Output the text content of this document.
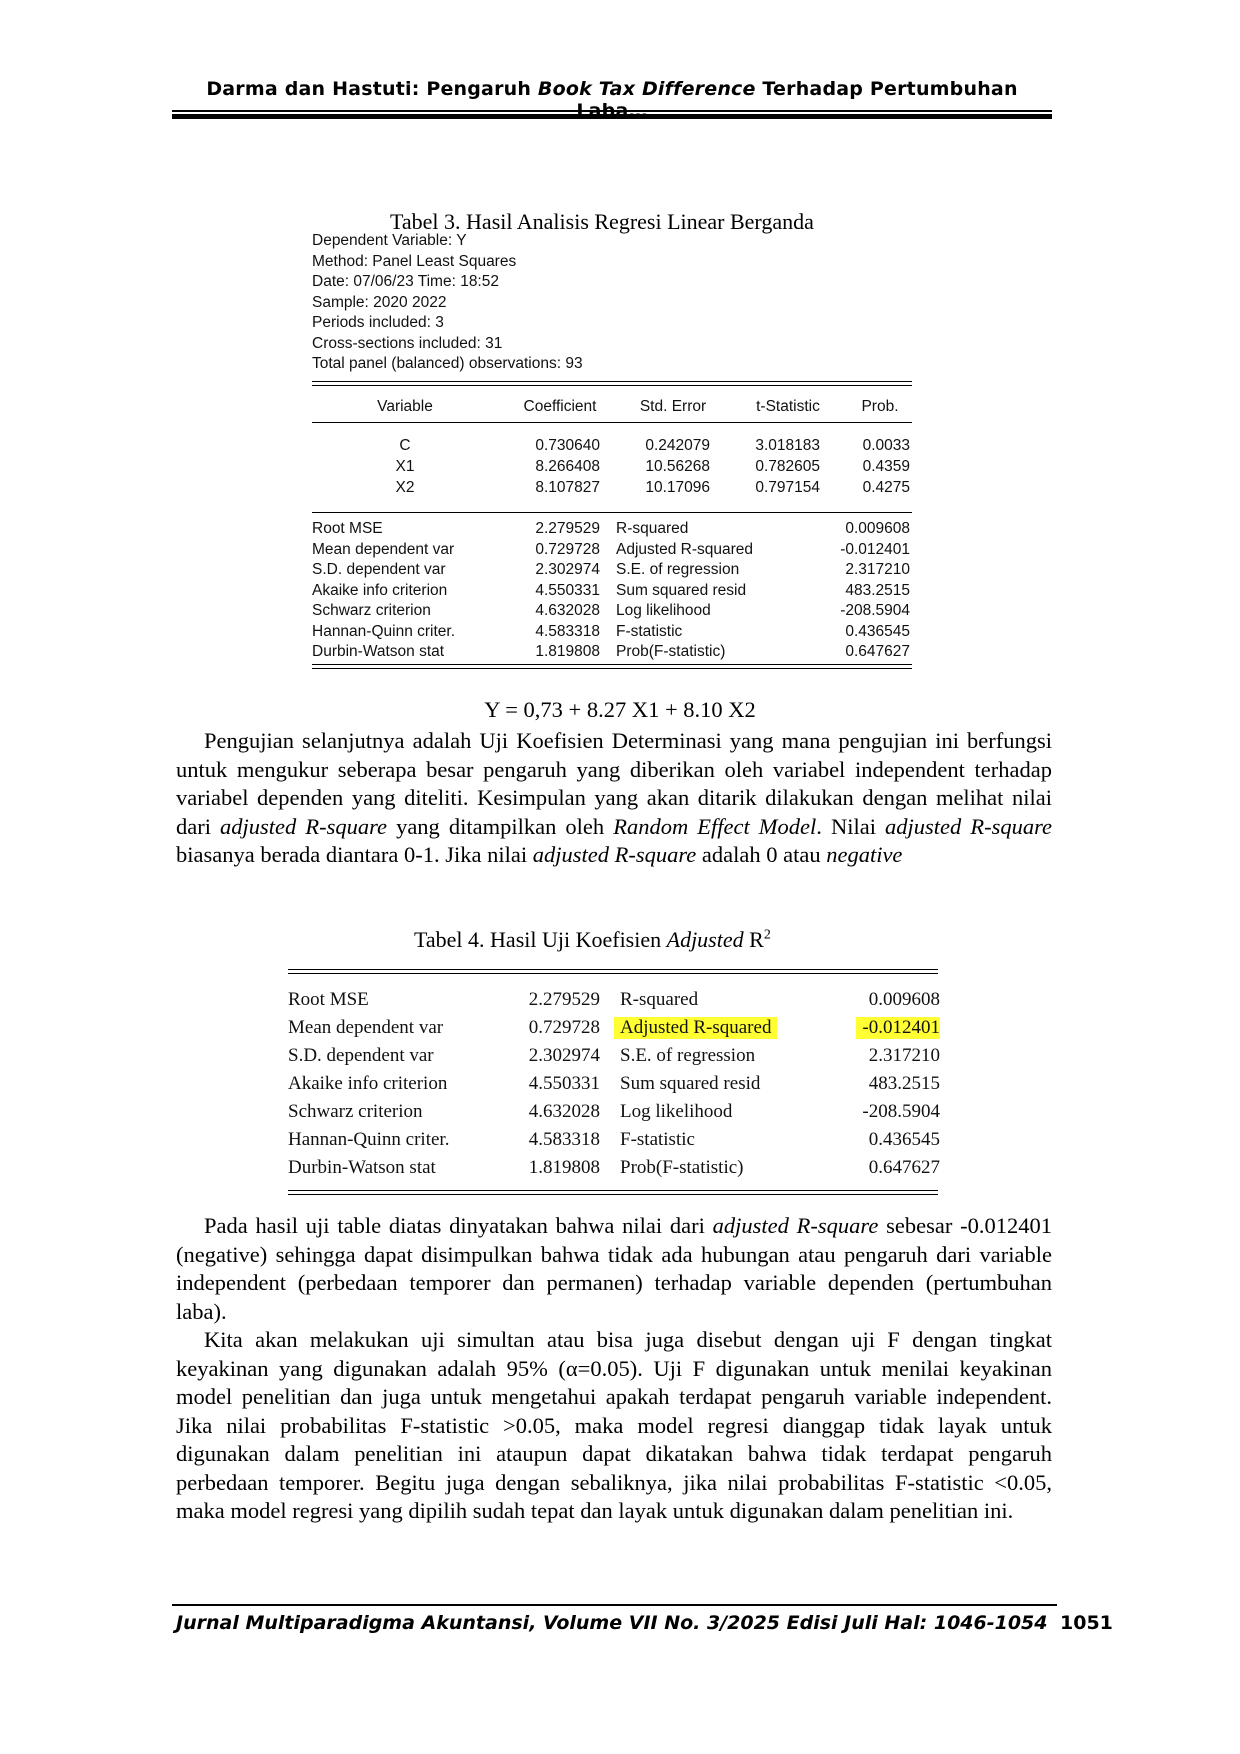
Darma dan Hastuti: Pengaruh Book Tax Difference Terhadap Pertumbuhan
Tabel 3. Hasil Analisis Regresi Linear Berganda
Dependent Variable: Y
Method: Panel Least Squares
Date: 07/06/23 Time: 18:52
Sample: 2020 2022
Periods included: 3
Cross-sections included: 31
Total panel (balanced) observations: 93
Variable	Coefficient	Std. Error	t-Statistic	Prob.
C	0.730640	0.242079	3.018183	0.0033
X1	8.266408	10.56268	0.782605	0.4359
X2	8.107827	10.17096	0.797154	0.4275
Root MSE	2.279529 R-squared	0.009608
Mean dependent var	0.729728 Adjusted R-squared	-0.012401
S.D. dependent var	2.302974 S.E. of regression	2.317210
Akaike info criterion	4.550331 Sum squared resid	483.2515
Schwarz criterion	4.632028 Log likelihood	-208.5904
Hannan-Quinn criter.	4.583318 F-statistic	0.436545
Durbin-Watson stat	1.819808 Prob(F-statistic)	0.647627
Y = 0,73 + 8.27 X1 + 8.10 X2
Pengujian selanjutnya adalah Uji Koefisien Determinasi yang mana pengujian ini berfungsi untuk mengukur seberapa besar pengaruh yang diberikan oleh variabel independent terhadap variabel dependen yang diteliti. Kesimpulan yang akan ditarik dilakukan dengan melihat nilai dari adjusted R-square yang ditampilkan oleh Random Effect Model. Nilai adjusted R-square biasanya berada diantara 0-1. Jika nilai adjusted R-square adalah 0 atau negative
Tabel 4. Hasil Uji Koefisien Adjusted $R^2$
Root MSE	2.279529 R-squared	0.009608
Mean dependent var	0.729728	Adjusted R-squared	-0.012401
S.D. dependent var	2.302974 S.E. of regression	2.317210
Akaike info criterion	4.550331 Sum squared resid	483.2515
Schwarz criterion	4.632028 Log likelihood	-208.5904
Hannan-Quinn criter.	4.583318 F-statistic	0.436545
Durbin-Watson stat	1.819808 Prob(F-statistic)	0.647627
Pada hasil uji table diatas dinyatakan bahwa nilai dari adjusted R-square sebesar -0.012401 (negative) sehingga dapat disimpulkan bahwa tidak ada hubungan atau pengaruh dari variable independent (perbedaan temporer dan permanen) terhadap variable dependen (pertumbuhan laba).
Kita akan melakukan uji simultan atau bisa juga disebut dengan uji F dengan tingkat keyakinan yang digunakan adalah 95% (α=0.05). Uji F digunakan untuk menilai keyakinan model penelitian dan juga untuk mengetahui apakah terdapat pengaruh variable independent. Jika nilai probabilitas F-statistic >0.05, maka model regresi dianggap tidak layak untuk digunakan dalam penelitian ini ataupun dapat dikatakan bahwa tidak terdapat pengaruh perbedaan temporer. Begitu juga dengan sebaliknya, jika nilai probabilitas F-statistic <0.05, maka model regresi yang dipilih sudah tepat dan layak untuk digunakan dalam penelitian ini.
Jurnal Multiparadigma Akuntansi, Volume VII No. 3/2025 Edisi Juli Hal: 1046-1054 1051
